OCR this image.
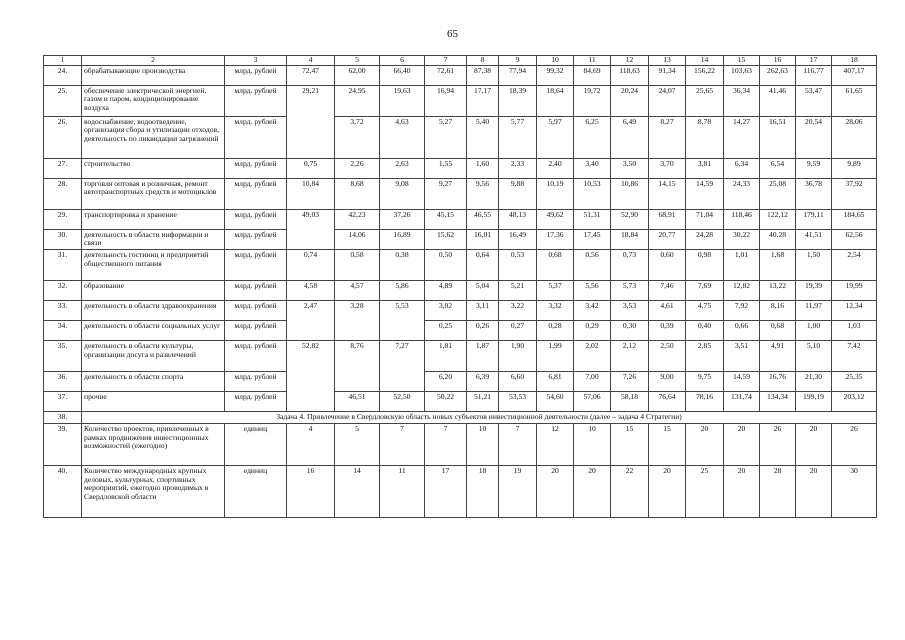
65
1	2	3	4	5	6	7	8	9	10	11	12	13	14	15	16	17	18
24.	обрабатывающие производства	млрд. рублей	72,47	62,00	66,40	72,61	87,38	77,94	99,32	84,69	118,63	91,34	156,22	103,63	262,63	116,77	407,17
25.	обеспечение электрической энергией, газом и паром, кондиционирование воздуха	млрд. рублей	29,21	24,95	19,63	16,94	17,17	18,39	18,64	19,72	20,24	24,07	25,65	36,34	41,46	53,47	61,65
26.	водоснабжение, водоотведение, организация сбора и утилизации отходов, деятельность по ликвидации загрязнений	млрд. рублей		3,72	4,63	5,27	5,40	5,77	5,97	6,25	6,49	8,27	8,78	14,27	16,51	20,54	28,06
27.	строительство	млрд. рублей	0,75	2,26	2,63	1,55	1,60	2,33	2,40	3,40	3,50	3,70	3,81	6,34	6,54	9,59	9,89
28.	торговля оптовая и розничная, ремонт автотранспортных средств и мотоциклов	млрд. рублей	10,84	8,68	9,08	9,27	9,56	9,88	10,19	10,53	10,86	14,15	14,59	24,33	25,08	36,78	37,92
29.	транспортировка и хранение	млрд. рублей	49,03	42,23	37,26	45,15	46,55	48,13	49,62	51,31	52,90	68,91	71,04	118,46	122,12	179,11	184,65
30.	деятельность в области информации и связи	млрд. рублей		14,06	16,89	15,62	16,01	16,49	17,36	17,45	18,84	20,77	24,28	30,22	40,28	41,51	62,56
31.	деятельность гостиниц и предприятий общественного питания	млрд. рублей	0,74	0,58	0,38	0,50	0,64	0,53	0,68	0,56	0,73	0,60	0,98	1,01	1,68	1,50	2,54
32.	образование	млрд. рублей	4,58	4,57	5,86	4,89	5,04	5,21	5,37	5,56	5,73	7,46	7,69	12,82	13,22	19,39	19,99
33.	деятельность в области здравоохранения	млрд. рублей	2,47	3,28	5,53	3,02	3,11	3,22	3,32	3,42	3,53	4,61	4,75	7,92	8,16	11,97	12,34
34.	деятельность в области социальных услуг	млрд. рублей				0,25	0,26	0,27	0,28	0,29	0,30	0,39	0,40	0,66	0,68	1,00	1,03
35.	деятельность в области культуры, организации досуга и развлечений	млрд. рублей	52,82	8,76	7,27	1,81	1,87	1,90	1,99	2,02	2,12	2,50	2,85	3,51	4,91	5,10	7,42
36.	деятельность в области спорта	млрд. рублей				6,20	6,39	6,60	6,81	7,00	7,26	9,00	9,75	14,59	16,76	21,30	25,35
37.	прочие	млрд. рублей		46,51	52,50	50,22	51,21	53,53	54,60	57,06	58,18	76,64	78,16	131,74	134,34	199,19	203,12
38.	Задача 4. Привлечение в Свердловскую область новых субъектов инвестиционной деятельности (далее – задача 4 Стратегии)																
39.	Количество проектов, привлеченных в рамках продвижения инвестиционных возможностей (ежегодно)	единиц	4	5	7	7	10	7	12	10	15	15	20	20	26	20	26
40.	Количество международных крупных деловых, культурных, спортивных мероприятий, ежегодно проводимых в Свердловской области	единиц	16	14	11	17	18	19	20	20	22	20	25	20	28	20	30
